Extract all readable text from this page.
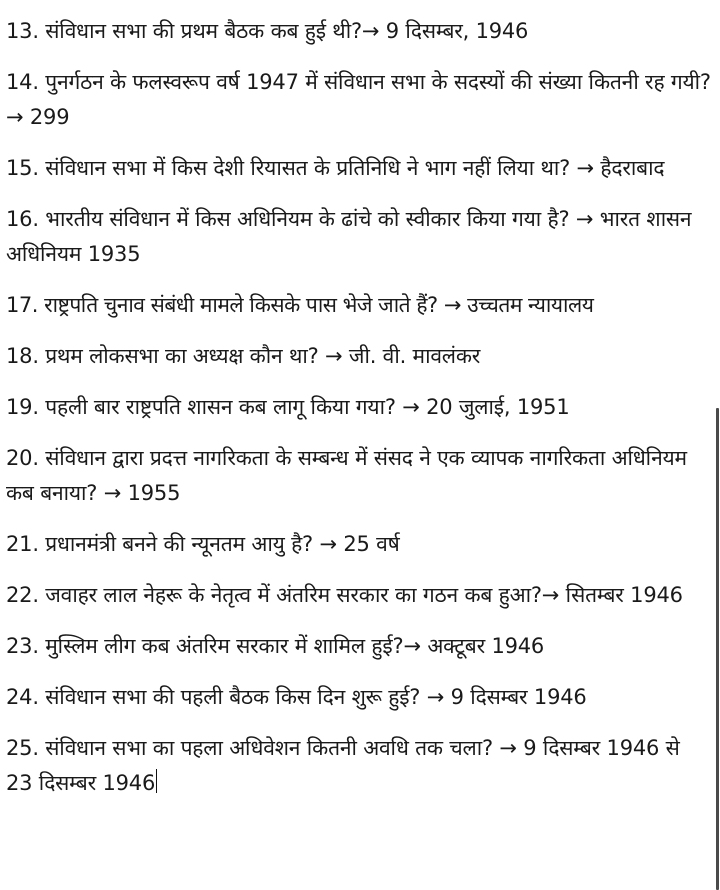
13. संविधान सभा की प्रथम बैठक कब हुई थी?→ 9 दिसम्बर, 1946

14. पुनर्गठन के फलस्वरूप वर्ष 1947 में संविधान सभा के सदस्यों की संख्या कितनी रह गयी? → 299

15. संविधान सभा में किस देशी रियासत के प्रतिनिधि ने भाग नहीं लिया था? → हैदराबाद

16. भारतीय संविधान में किस अधिनियम के ढांचे को स्वीकार किया गया है? → भारत शासन अधिनियम 1935

17. राष्ट्रपति चुनाव संबंधी मामले किसके पास भेजे जाते हैं? → उच्चतम न्यायालय

18. प्रथम लोकसभा का अध्यक्ष कौन था? → जी. वी. मावलंकर

19. पहली बार राष्ट्रपति शासन कब लागू किया गया? → 20 जुलाई, 1951

20. संविधान द्वारा प्रदत्त नागरिकता के सम्बन्ध में संसद ने एक व्यापक नागरिकता अधिनियम कब बनाया? → 1955

21. प्रधानमंत्री बनने की न्यूनतम आयु है? → 25 वर्ष

22. जवाहर लाल नेहरू के नेतृत्व में अंतरिम सरकार का गठन कब हुआ?→ सितम्बर 1946

23. मुस्लिम लीग कब अंतरिम सरकार में शामिल हुई?→ अक्टूबर 1946

24. संविधान सभा की पहली बैठक किस दिन शुरू हुई? → 9 दिसम्बर 1946

25. संविधान सभा का पहला अधिवेशन कितनी अवधि तक चला? → 9 दिसम्बर 1946 से 23 दिसम्बर 1946
